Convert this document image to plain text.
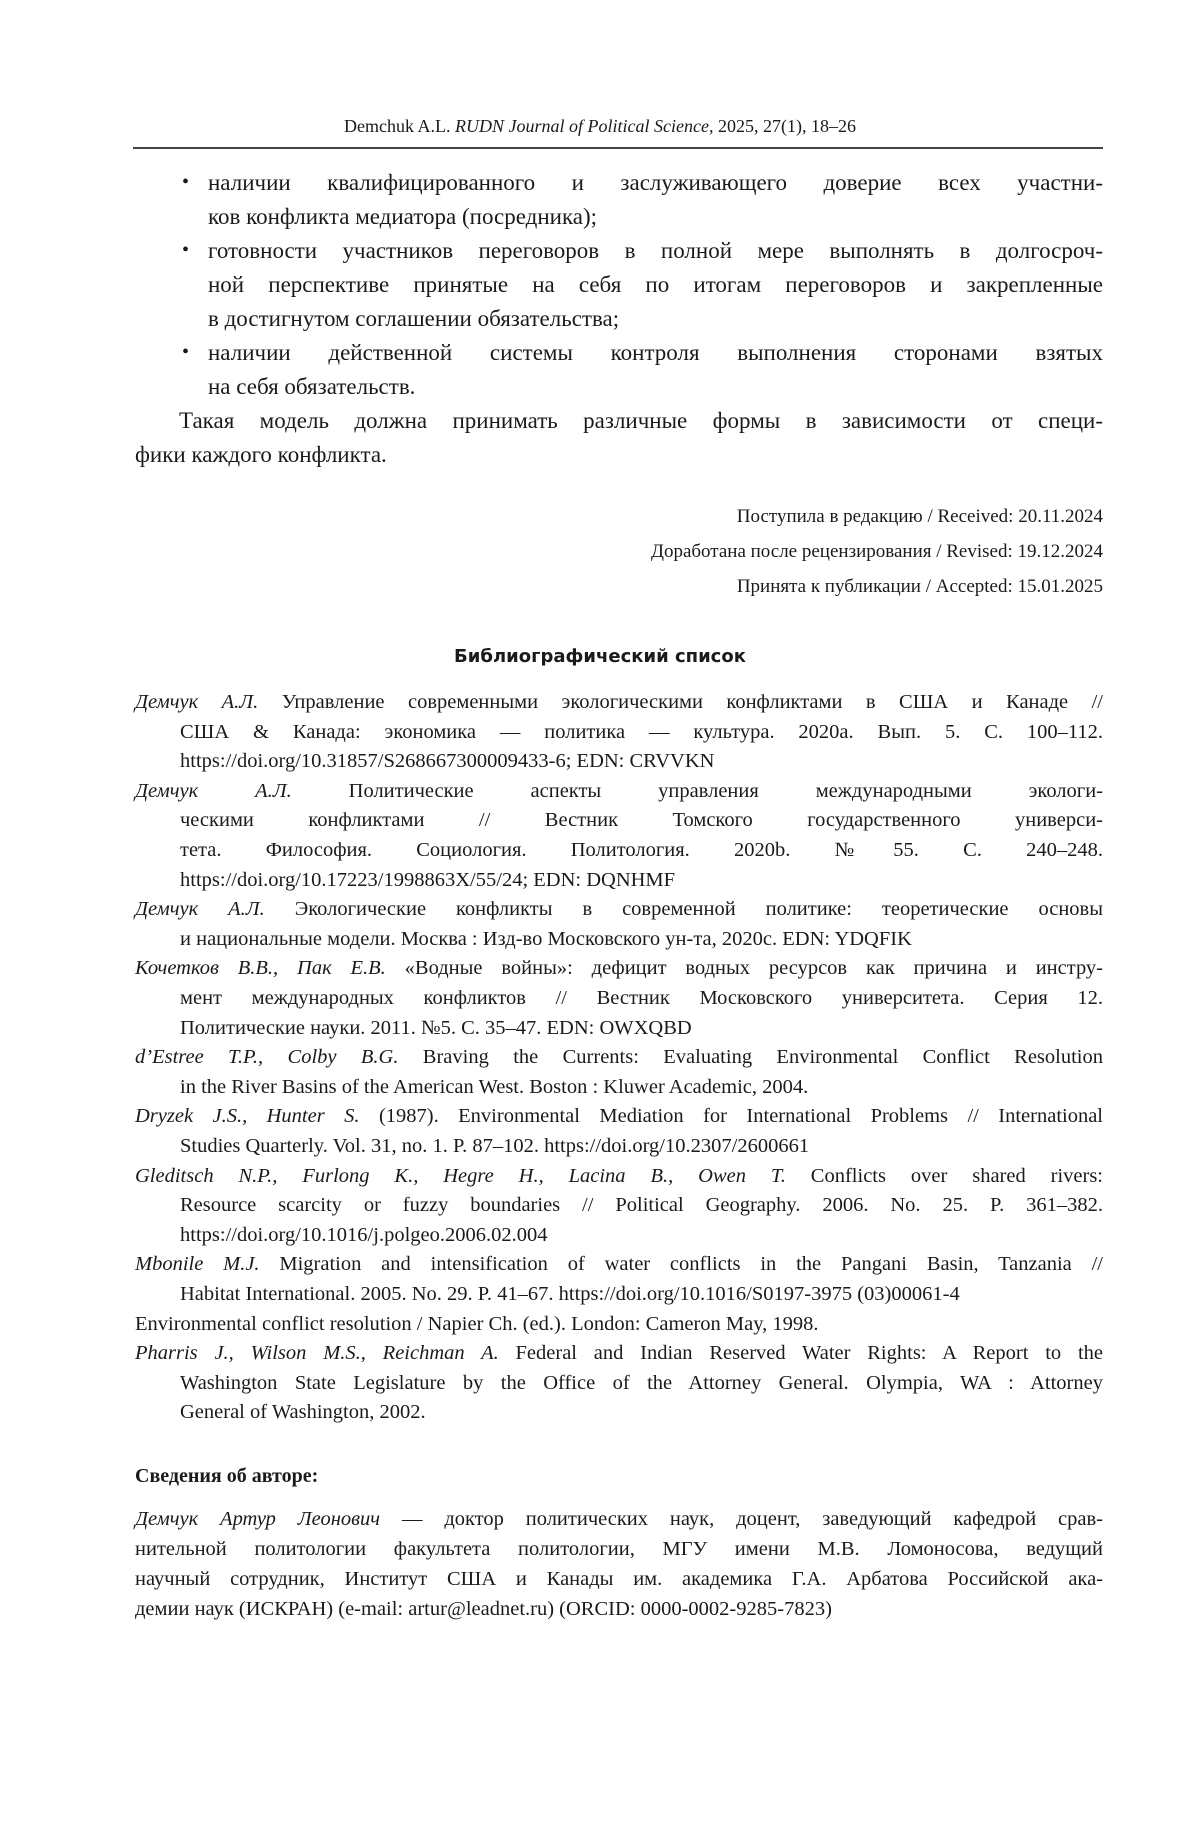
Demchuk A.L. RUDN Journal of Political Science, 2025, 27(1), 18–26
• наличии квалифицированного и заслуживающего доверие всех участни-
ков конфликта медиатора (посредника);
• готовности участников переговоров в полной мере выполнять в долгосроч-
ной перспективе принятые на себя по итогам переговоров и закрепленные
в достигнутом соглашении обязательства;
• наличии действенной системы контроля выполнения сторонами взятых
на себя обязательств.
Такая модель должна принимать различные формы в зависимости от специ-
фики каждого конфликта.
Поступила в редакцию / Received: 20.11.2024
Доработана после рецензирования / Revised: 19.12.2024
Принята к публикации / Accepted: 15.01.2025
Демчук А.Л. Управление современными экологическими конфликтами в США и Канаде //
США & Канада: экономика — политика — культура. 2020a. Вып. 5. С. 100–112.
https://doi.org/10.31857/S268667300009433-6; EDN: CRVVKN
Демчук А.Л. Политические аспекты управления международными экологи-
ческими конфликтами // Вестник Томского государственного универси-
тета. Философия. Социология. Политология. 2020b. №55. С. 240–248.
https://doi.org/10.17223/1998863X/55/24; EDN: DQNHMF
Демчук А.Л. Экологические конфликты в современной политике: теоретические основы
и национальные модели. Москва : Изд-во Московского ун-та, 2020c. EDN: YDQFIK
Кочетков В.В., Пак Е.В. «Водные войны»: дефицит водных ресурсов как причина и инстру-
мент международных конфликтов // Вестник Московского университета. Серия 12.
Политические науки. 2011. №5. С. 35–47. EDN: OWXQBD
d’Estree T.P., Colby B.G. Braving the Currents: Evaluating Environmental Conflict Resolution
in the River Basins of the American West. Boston : Kluwer Academic, 2004.
Dryzek J.S., Hunter S. (1987). Environmental Mediation for International Problems // International
Studies Quarterly. Vol. 31, no. 1. P. 87–102. https://doi.org/10.2307/2600661
Gleditsch N.P., Furlong K., Hegre H., Lacina B., Owen T. Conflicts over shared rivers:
Resource scarcity or fuzzy boundaries // Political Geography. 2006. No. 25. P. 361–382.
https://doi.org/10.1016/j.polgeo.2006.02.004
Mbonile M.J. Migration and intensification of water conflicts in the Pangani Basin, Tanzania //
Habitat International. 2005. No. 29. P. 41–67. https://doi.org/10.1016/S0197-3975 (03)00061-4
Environmental conflict resolution / Napier Ch. (ed.). London: Cameron May, 1998.
Pharris J., Wilson M.S., Reichman A. Federal and Indian Reserved Water Rights: A Report to the
Washington State Legislature by the Office of the Attorney General. Olympia, WA : Attorney
General of Washington, 2002.
Демчук Артур Леонович — доктор политических наук, доцент, заведующий кафедрой срав-
нительной политологии факультета политологии, МГУ имени М.В. Ломоносова, ведущий
научный сотрудник, Институт США и Канады им. академика Г.А. Арбатова Российской ака-
демии наук (ИСКРАН) (e-mail: artur@leadnet.ru) (ORCID: 0000-0002-9285-7823)
Библиографический список
Сведения об авторе:
